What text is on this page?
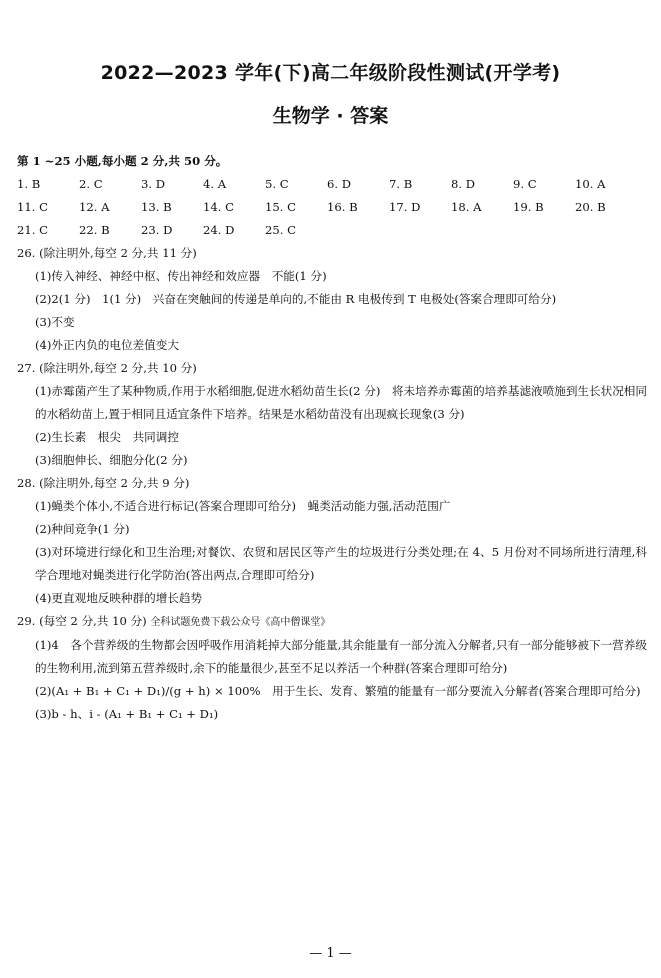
2022—2023 学年(下)高二年级阶段性测试(开学考)
生物学 · 答案
第 1 ~25 小题,每小题 2 分,共 50 分。
1. B	2. C	3. D	4. A	5. C	6. D	7. B	8. D	9. C	10. A
11. C	12. A	13. B	14. C	15. C	16. B	17. D	18. A	19. B	20. B
21. C	22. B	23. D	24. D	25. C
26. (除注明外,每空 2 分,共 11 分)
(1)传入神经、神经中枢、传出神经和效应器　不能(1 分)
(2)2(1 分)　1(1 分)　兴奋在突触间的传递是单向的,不能由 R 电极传到 T 电极处(答案合理即可给分)
(3)不变
(4)外正内负的电位差值变大
27. (除注明外,每空 2 分,共 10 分)
(1)赤霉菌产生了某种物质,作用于水稻细胞,促进水稻幼苗生长(2 分)　将未培养赤霉菌的培养基滤液喷施到生长状况相同的水稻幼苗上,置于相同且适宜条件下培养。结果是水稻幼苗没有出现疯长现象(3 分)
(2)生长素　根尖　共同调控
(3)细胞伸长、细胞分化(2 分)
28. (除注明外,每空 2 分,共 9 分)
(1)蝇类个体小,不适合进行标记(答案合理即可给分)　蝇类活动能力强,活动范围广
(2)种间竞争(1 分)
(3)对环境进行绿化和卫生治理;对餐饮、农贸和居民区等产生的垃圾进行分类处理;在 4、5 月份对不同场所进行清理,科学合理地对蝇类进行化学防治(答出两点,合理即可给分)
(4)更直观地反映种群的增长趋势
29. (每空 2 分,共 10 分) 全科试题免费下载公众号《高中僧课堂》
(1)4　各个营养级的生物都会因呼吸作用消耗掉大部分能量,其余能量有一部分流入分解者,只有一部分能够被下一营养级的生物利用,流到第五营养级时,余下的能量很少,甚至不足以养活一个种群(答案合理即可给分)
(2)(A₁ + B₁ + C₁ + D₁)/(g + h) × 100%　用于生长、发育、繁殖的能量有一部分要流入分解者(答案合理即可给分)
(3)b - h、i - (A₁ + B₁ + C₁ + D₁)
— 1 —
